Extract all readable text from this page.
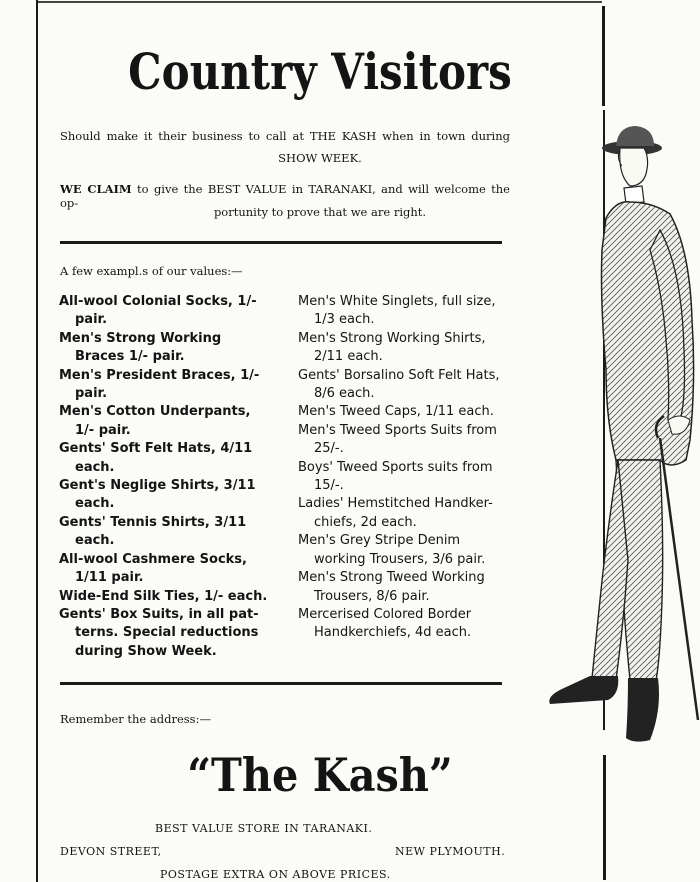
Country Visitors
Should make it their business to call at THE KASH when in town during
SHOW WEEK.
WE CLAIM to give the BEST VALUE in TARANAKI, and will welcome the op-
portunity to prove that we are right.
A few exampl.s of our values:—
All-wool Colonial Socks, 1/- pair.
Men's Strong Working Braces 1/- pair.
Men's President Braces, 1/- pair.
Men's Cotton Underpants, 1/- pair.
Gents' Soft Felt Hats, 4/11 each.
Gent's Neglige Shirts, 3/11 each.
Gents' Tennis Shirts, 3/11 each.
All-wool Cashmere Socks, 1/11 pair.
Wide-End Silk Ties, 1/- each.
Gents' Box Suits, in all pat- terns. Special reductions during Show Week.
Men's White Singlets, full size, 1/3 each.
Men's Strong Working Shirts, 2/11 each.
Gents' Borsalino Soft Felt Hats, 8/6 each.
Men's Tweed Caps, 1/11 each.
Men's Tweed Sports Suits from 25/-.
Boys' Tweed Sports suits from 15/-.
Ladies' Hemstitched Handker- chiefs, 2d each.
Men's Grey Stripe Denim working Trousers, 3/6 pair.
Men's Strong Tweed Working Trousers, 8/6 pair.
Mercerised Colored Border Handkerchiefs, 4d each.
Remember the address:—
“The Kash”
BEST VALUE STORE IN TARANAKI.
DEVON STREET,	NEW PLYMOUTH.
POSTAGE EXTRA ON ABOVE PRICES.
